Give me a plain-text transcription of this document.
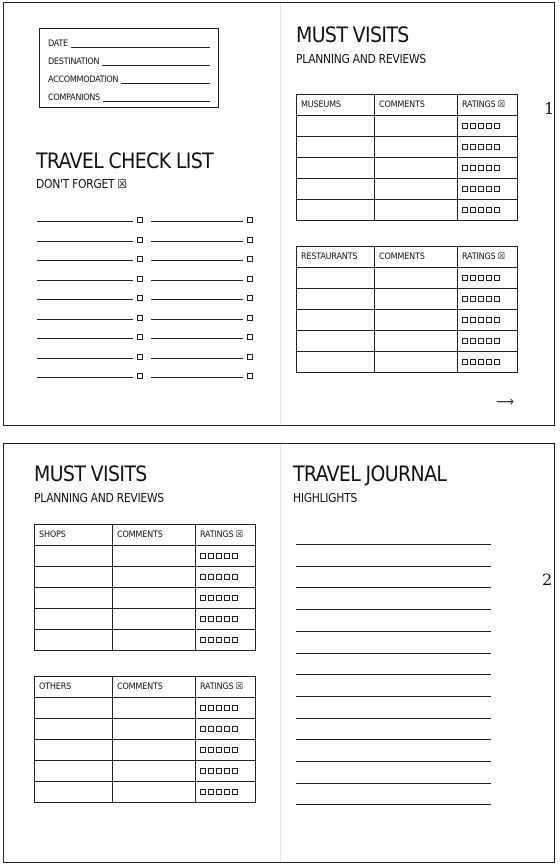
DATE
DESTINATION
ACCOMMODATION
COMPANIONS
TRAVEL CHECK LIST
DON'T FORGET ☒
MUST VISITS
PLANNING AND REVIEWS
MUSEUMS	COMMENTS	RATINGS ☒

RESTAURANTS	COMMENTS	RATINGS ☒

⟶
1
MUST VISITS
PLANNING AND REVIEWS
SHOPS	COMMENTS	RATINGS ☒

OTHERS	COMMENTS	RATINGS ☒

TRAVEL JOURNAL
HIGHLIGHTS
2
